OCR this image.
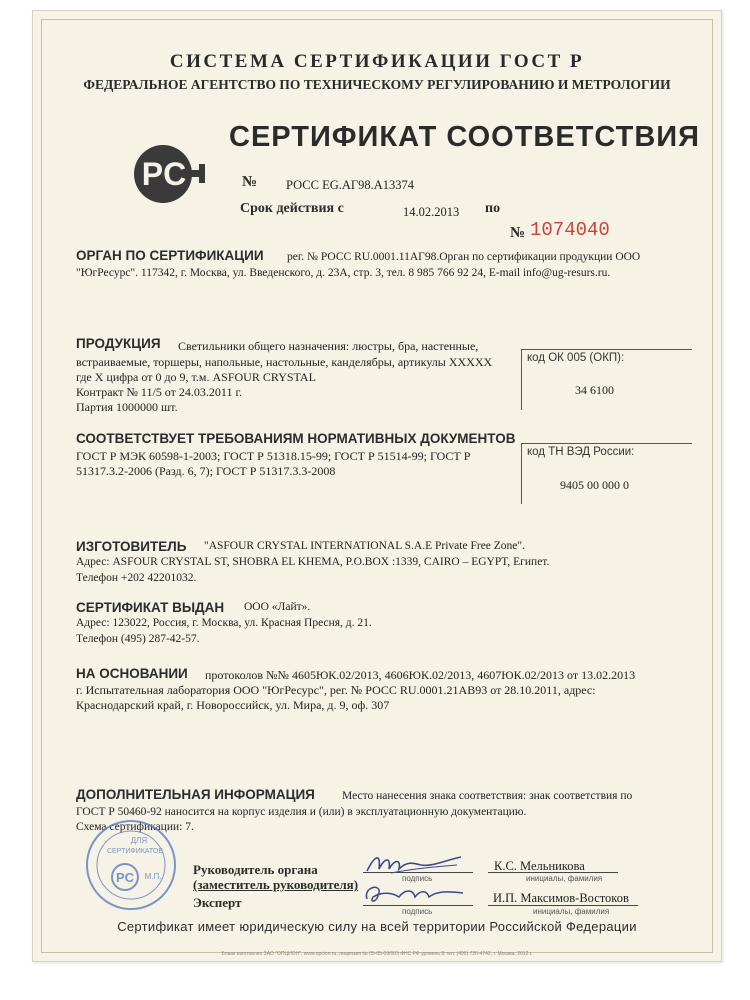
СИСТЕМА СЕРТИФИКАЦИИ ГОСТ Р
ФЕДЕРАЛЬНОЕ АГЕНТСТВО ПО ТЕХНИЧЕСКОМУ РЕГУЛИРОВАНИЮ И МЕТРОЛОГИИ
PC
СЕРТИФИКАТ СООТВЕТСТВИЯ
№ РОСС EG.АГ98.А13374
Срок действия с	14.02.2013 по
№ 1074040
ОРГАН ПО СЕРТИФИКАЦИИ рег. № РОСС RU.0001.11АГ98.Орган по сертификации продукции ООО
"ЮгРесурс". 117342, г. Москва, ул. Введенского, д. 23А, стр. 3, тел. 8 985 766 92 24, E-mail info@ug-resurs.ru.
ПРОДУКЦИЯ Светильники общего назначения: люстры, бра, настенные,
встраиваемые, торшеры, напольные, настольные, канделябры, артикулы XXXXX
где X цифра от 0 до 9, т.м. ASFOUR CRYSTAL
Контракт № 11/5 от 24.03.2011 г.
Партия 1000000 шт.
код ОК 005 (ОКП):
34 6100
СООТВЕТСТВУЕТ ТРЕБОВАНИЯМ НОРМАТИВНЫХ ДОКУМЕНТОВ
ГОСТ Р МЭК 60598-1-2003; ГОСТ Р 51318.15-99; ГОСТ Р 51514-99; ГОСТ Р
51317.3.2-2006 (Разд. 6, 7); ГОСТ Р 51317.3.3-2008
код ТН ВЭД России:
9405 00 000 0
ИЗГОТОВИТЕЛЬ "ASFOUR CRYSTAL INTERNATIONAL S.A.E Private Free Zone".
Адрес: ASFOUR CRYSTAL ST, SHOBRA EL KHEMA, P.O.BOX :1339, CAIRO – EGYPT, Египет.
Телефон +202 42201032.
СЕРТИФИКАТ ВЫДАН ООО «Лайт».
Адрес: 123022, Россия, г. Москва, ул. Красная Пресня, д. 21.
Телефон (495) 287-42-57.
НА ОСНОВАНИИ протоколов №№ 4605ЮК.02/2013, 4606ЮК.02/2013, 4607ЮК.02/2013 от 13.02.2013
г. Испытательная лаборатория ООО "ЮгРесурс", рег. № РОСС RU.0001.21АВ93 от 28.10.2011, адрес:
Краснодарский край, г. Новороссийск, ул. Мира, д. 9, оф. 307
ДОПОЛНИТЕЛЬНАЯ ИНФОРМАЦИЯ Место нанесения знака соответствия: знак соответствия по
ГОСТ Р 50460-92 наносится на корпус изделия и (или) в эксплуатационную документацию.
Схема сертификации: 7.
Руководитель органа
(заместитель руководителя)	подпись
К.С. Мельникова
инициалы, фамилия
Эксперт
подпись
И.П. Максимов-Востоков
инициалы, фамилия
ДЛЯ
СЕРТИФИКАТОВ
PC М.П.
Сертификат имеет юридическую силу на всей территории Российской Федерации
Бланк изготовлен ЗАО "ОПЦИОН", www.opcion.ru, лицензия № 05-05-09/003 ФНС РФ уровень В тел. (495) 726-4742, г. Москва, 2012 г.
